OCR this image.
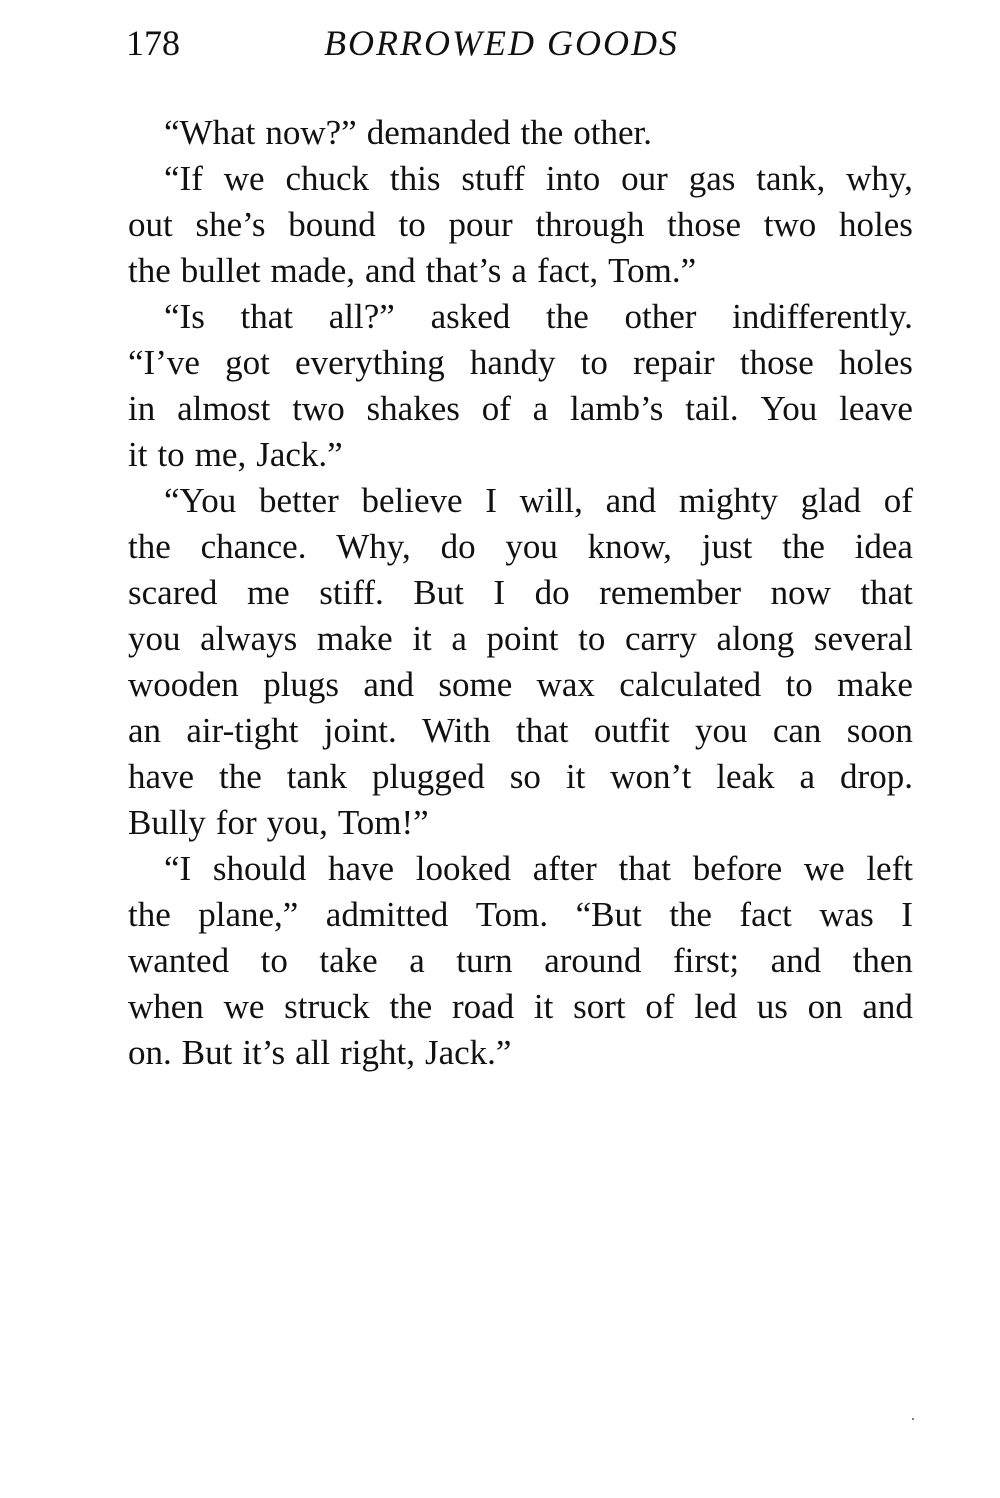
178	BORROWED GOODS
“What now?” demanded the other.
“If we chuck this stuff into our gas tank, why,
out she’s bound to pour through those two holes
the bullet made, and that’s a fact, Tom.”
“Is that all?” asked the other indifferently.
“I’ve got everything handy to repair those holes
in almost two shakes of a lamb’s tail. You leave
it to me, Jack.”
“You better believe I will, and mighty glad of
the chance. Why, do you know, just the idea
scared me stiff. But I do remember now that
you always make it a point to carry along several
wooden plugs and some wax calculated to make
an air-tight joint. With that outfit you can soon
have the tank plugged so it won’t leak a drop.
Bully for you, Tom!”
“I should have looked after that before we left
the plane,” admitted Tom. “But the fact was I
wanted to take a turn around first; and then
when we struck the road it sort of led us on and
on. But it’s all right, Jack.”
